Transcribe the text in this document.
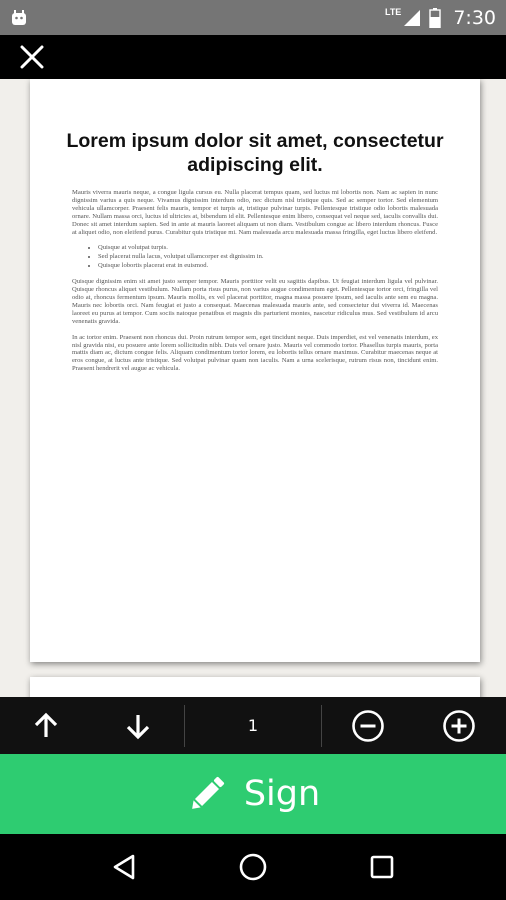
LTE	7:30
Lorem ipsum dolor sit amet, consectetur adipiscing elit.

Mauris viverra mauris neque, a congue ligula cursus eu. Nulla placerat tempus quam, sed luctus mi lobortis non. Nam ac sapien in nunc dignissim varius a quis neque. Vivamus dignissim interdum odio, nec dictum nisl tristique quis. Sed ac semper tortor. Sed elementum vehicula ullamcorper. Praesent felis mauris, tempor et turpis at, tristique pulvinar turpis. Pellentesque tristique odio lobortis malesuada ornare. Nullam massa orci, luctus id ultricies at, bibendum id elit. Pellentesque enim libero, consequat vel neque sed, iaculis convallis dui. Donec sit amet interdum sapien. Sed in ante at mauris laoreet aliquam ut non diam. Vestibulum congue ac libero interdum rhoncus. Fusce at aliquet odio, non eleifend purus. Curabitur quis tristique mi. Nam malesuada arcu malesuada massa fringilla, eget luctus libero eleifend.

• Quisque at volutpat turpis.
• Sed placerat nulla lacus, volutpat ullamcorper est dignissim in.
• Quisque lobortis placerat erat in euismod.

Quisque dignissim enim sit amet justo semper tempor. Mauris porttitor velit eu sagittis dapibus. Ut feugiat interdum ligula vel pulvinar. Quisque rhoncus aliquet vestibulum. Nullam porta risus purus, non varius augue condimentum eget. Pellentesque tortor orci, fringilla vel odio at, rhoncus fermentum ipsum. Mauris mollis, ex vel placerat porttitor, magna massa posuere ipsum, sed iaculis ante sem eu magna. Mauris nec lobortis orci. Nam feugiat et justo a consequat. Maecenas malesuada mauris ante, sed consectetur dui viverra id. Maecenas laoreet eu purus at tempor. Cum sociis natoque penatibus et magnis dis parturient montes, nascetur ridiculus mus. Sed vestibulum id arcu venenatis gravida.

In ac tortor enim. Praesent non rhoncus dui. Proin rutrum tempor sem, eget tincidunt neque. Duis imperdiet, est vel venenatis interdum, ex nisl gravida nisi, eu posuere ante lorem sollicitudin nibh. Duis vel ornare justo. Mauris vel commodo tortor. Phasellus turpis mauris, porta mattis diam ac, dictum congue felis. Aliquam condimentum tortor lorem, eu lobortis tellus ornare maximus. Curabitur maecenas neque at eros congue, at luctus ante tristique. Sed volutpat pulvinar quam non iaculis. Nam a urna scelerisque, rutrum risus non, tincidunt enim. Praesent hendrerit vel augue ac vehicula.

1
Sign
